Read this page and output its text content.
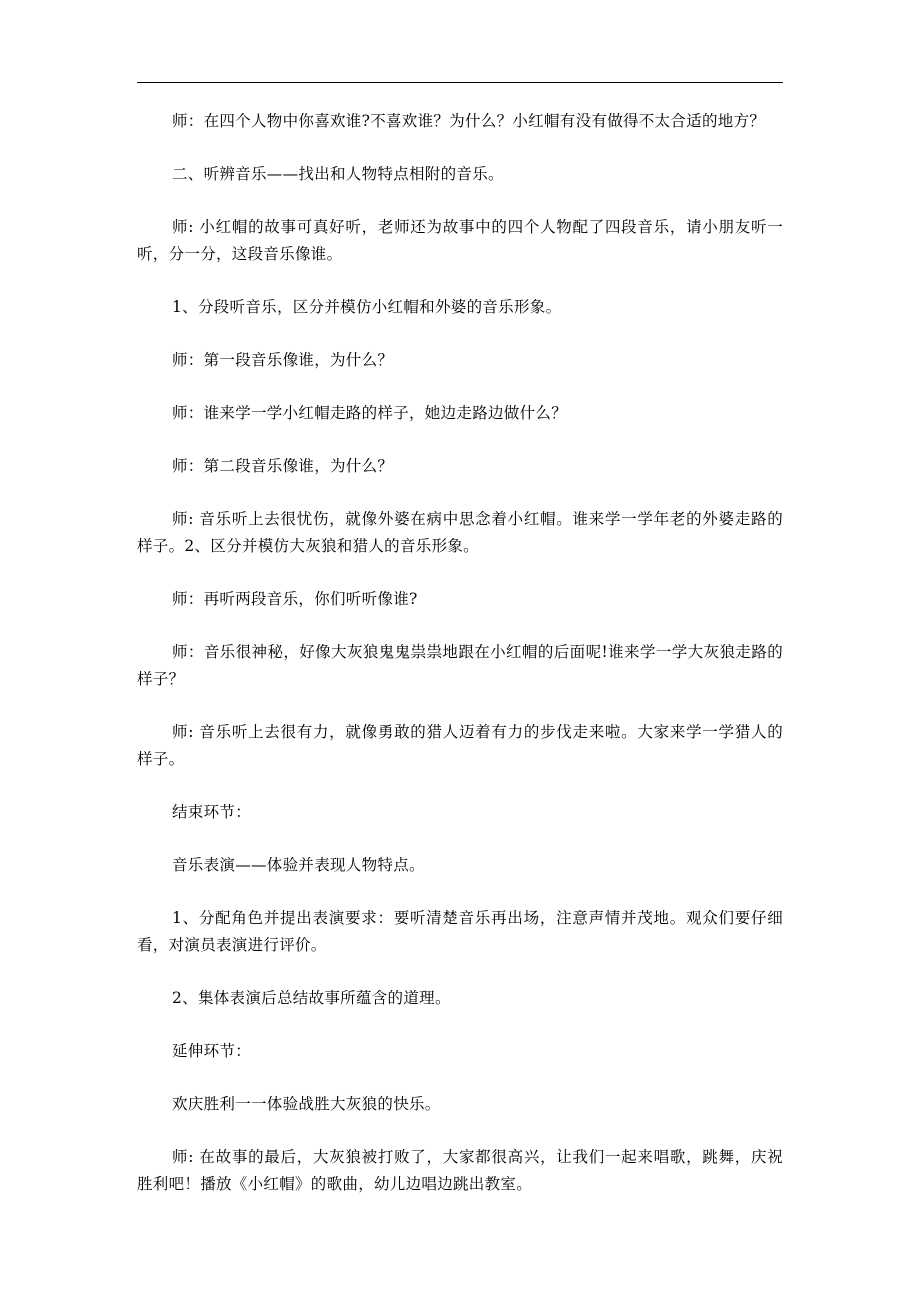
师：在四个人物中你喜欢谁?不喜欢谁？为什么？小红帽有没有做得不太合适的地方？

二、听辨音乐——找出和人物特点相附的音乐。

师: 小红帽的故事可真好听，老师还为故事中的四个人物配了四段音乐，请小朋友听一听，分一分，这段音乐像谁。

1、分段听音乐，区分并模仿小红帽和外婆的音乐形象。

师：第一段音乐像谁，为什么？

师：谁来学一学小红帽走路的样子，她边走路边做什么？

师：第二段音乐像谁，为什么？

师: 音乐听上去很忧伤，就像外婆在病中思念着小红帽。谁来学一学年老的外婆走路的样子。2、区分并模仿大灰狼和猎人的音乐形象。

师：再听两段音乐，你们听听像谁?

师：音乐很神秘，好像大灰狼鬼鬼祟祟地跟在小红帽的后面呢!谁来学一学大灰狼走路的样子？

师: 音乐听上去很有力，就像勇敢的猎人迈着有力的步伐走来啦。大家来学一学猎人的样子。

结束环节：

音乐表演——体验并表现人物特点。

1、分配角色并提出表演要求：要听清楚音乐再出场，注意声情并茂地。观众们要仔细看，对演员表演进行评价。

2、集体表演后总结故事所蕴含的道理。

延伸环节：

欢庆胜利一一体验战胜大灰狼的快乐。

师: 在故事的最后，大灰狼被打败了，大家都很高兴，让我们一起来唱歌，跳舞，庆祝胜利吧！播放《小红帽》的歌曲，幼儿边唱边跳出教室。
